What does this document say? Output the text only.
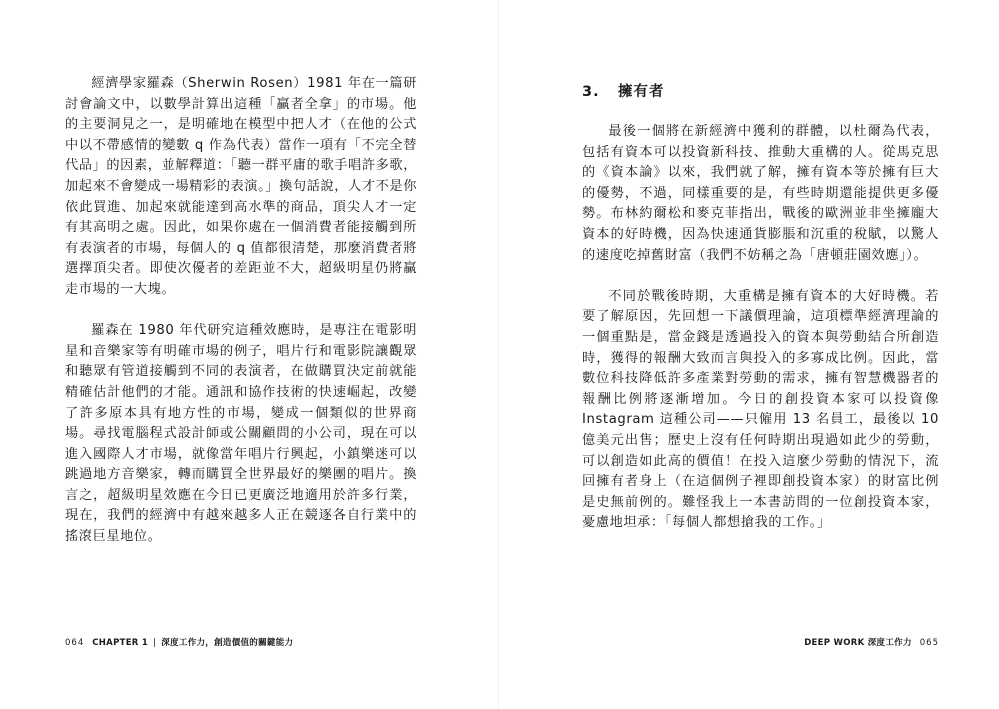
經濟學家羅森（Sherwin Rosen）1981 年在一篇研討會論文中，以數學計算出這種「贏者全拿」的市場。他的主要洞見之一，是明確地在模型中把人才（在他的公式中以不帶感情的變數 q 作為代表）當作一項有「不完全替代品」的因素，並解釋道：「聽一群平庸的歌手唱許多歌，加起來不會變成一場精彩的表演。」換句話說，人才不是你依此買進、加起來就能達到高水準的商品，頂尖人才一定有其高明之處。因此，如果你處在一個消費者能接觸到所有表演者的市場，每個人的 q 值都很清楚，那麼消費者將選擇頂尖者。即使次優者的差距並不大，超級明星仍將贏走市場的一大塊。

羅森在 1980 年代研究這種效應時，是專注在電影明星和音樂家等有明確市場的例子，唱片行和電影院讓觀眾和聽眾有管道接觸到不同的表演者，在做購買決定前就能精確估計他們的才能。通訊和協作技術的快速崛起，改變了許多原本具有地方性的市場，變成一個類似的世界商場。尋找電腦程式設計師或公關顧問的小公司，現在可以進入國際人才市場，就像當年唱片行興起，小鎮樂迷可以跳過地方音樂家，轉而購買全世界最好的樂團的唱片。換言之，超級明星效應在今日已更廣泛地適用於許多行業，現在，我們的經濟中有越來越多人正在競逐各自行業中的搖滾巨星地位。

064 CHAPTER 1 | 深度工作力，創造價值的關鍵能力
3. 擁有者

最後一個將在新經濟中獲利的群體，以杜爾為代表，包括有資本可以投資新科技、推動大重構的人。從馬克思的《資本論》以來，我們就了解，擁有資本等於擁有巨大的優勢，不過，同樣重要的是，有些時期還能提供更多優勢。布林約爾松和麥克菲指出，戰後的歐洲並非坐擁龐大資本的好時機，因為快速通貨膨脹和沉重的稅賦，以驚人的速度吃掉舊財富（我們不妨稱之為「唐頓莊園效應」）。

不同於戰後時期，大重構是擁有資本的大好時機。若要了解原因，先回想一下議價理論，這項標準經濟理論的一個重點是，當金錢是透過投入的資本與勞動結合所創造時，獲得的報酬大致而言與投入的多寡成比例。因此，當數位科技降低許多產業對勞動的需求，擁有智慧機器者的報酬比例將逐漸增加。今日的創投資本家可以投資像 Instagram 這種公司——只僱用 13 名員工，最後以 10 億美元出售；歷史上沒有任何時期出現過如此少的勞動，可以創造如此高的價值！在投入這麼少勞動的情況下，流回擁有者身上（在這個例子裡即創投資本家）的財富比例是史無前例的。難怪我上一本書訪問的一位創投資本家，憂慮地坦承：「每個人都想搶我的工作。」

DEEP WORK 深度工作力 065
